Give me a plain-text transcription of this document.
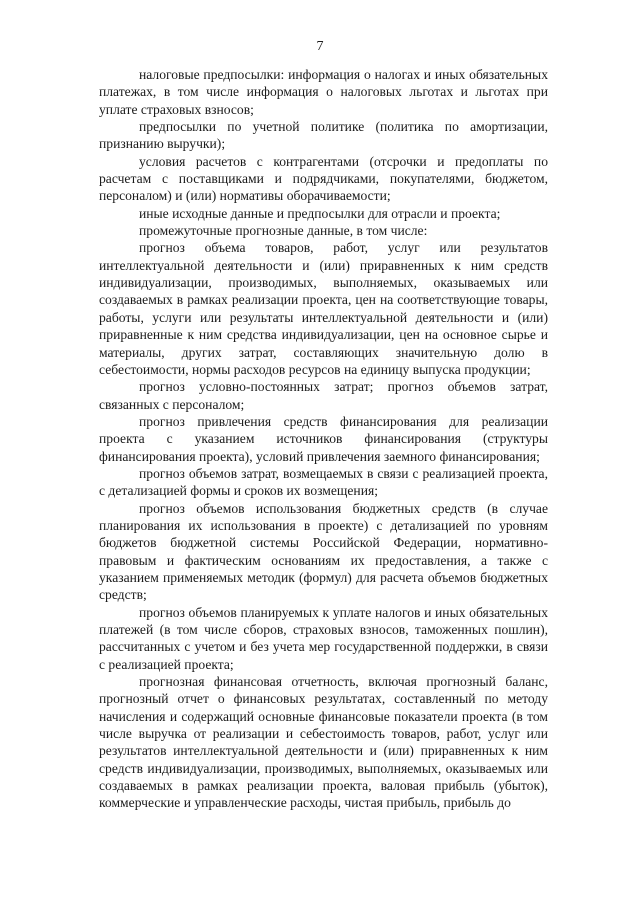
7

налоговые предпосылки: информация о налогах и иных обязательных платежах, в том числе информация о налоговых льготах и льготах при уплате страховых взносов;

предпосылки по учетной политике (политика по амортизации, признанию выручки);

условия расчетов с контрагентами (отсрочки и предоплаты по расчетам с поставщиками и подрядчиками, покупателями, бюджетом, персоналом) и (или) нормативы оборачиваемости;

иные исходные данные и предпосылки для отрасли и проекта;

промежуточные прогнозные данные, в том числе:

прогноз объема товаров, работ, услуг или результатов интеллектуальной деятельности и (или) приравненных к ним средств индивидуализации, производимых, выполняемых, оказываемых или создаваемых в рамках реализации проекта, цен на соответствующие товары, работы, услуги или результаты интеллектуальной деятельности и (или) приравненные к ним средства индивидуализации, цен на основное сырье и материалы, других затрат, составляющих значительную долю в себестоимости, нормы расходов ресурсов на единицу выпуска продукции;

прогноз условно-постоянных затрат; прогноз объемов затрат, связанных с персоналом;

прогноз привлечения средств финансирования для реализации проекта с указанием источников финансирования (структуры финансирования проекта), условий привлечения заемного финансирования;

прогноз объемов затрат, возмещаемых в связи с реализацией проекта, с детализацией формы и сроков их возмещения;

прогноз объемов использования бюджетных средств (в случае планирования их использования в проекте) с детализацией по уровням бюджетов бюджетной системы Российской Федерации, нормативно-правовым и фактическим основаниям их предоставления, а также с указанием применяемых методик (формул) для расчета объемов бюджетных средств;

прогноз объемов планируемых к уплате налогов и иных обязательных платежей (в том числе сборов, страховых взносов, таможенных пошлин), рассчитанных с учетом и без учета мер государственной поддержки, в связи с реализацией проекта;

прогнозная финансовая отчетность, включая прогнозный баланс, прогнозный отчет о финансовых результатах, составленный по методу начисления и содержащий основные финансовые показатели проекта (в том числе выручка от реализации и себестоимость товаров, работ, услуг или результатов интеллектуальной деятельности и (или) приравненных к ним средств индивидуализации, производимых, выполняемых, оказываемых или создаваемых в рамках реализации проекта, валовая прибыль (убыток), коммерческие и управленческие расходы, чистая прибыль, прибыль до
